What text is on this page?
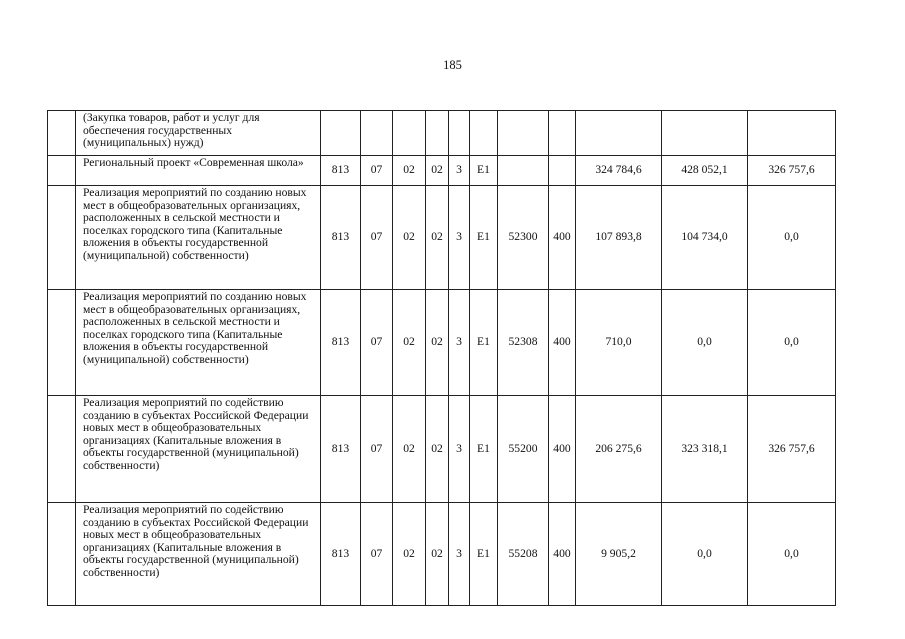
185
	(Закупка товаров, работ и услуг для обеспечения государственных (муниципальных) нужд)											
	Региональный проект «Современная школа»	813	07	02	02	3	E1			324 784,6	428 052,1	326 757,6
	Реализация мероприятий по созданию новых мест в общеобразовательных организациях, расположенных в сельской местности и поселках городского типа (Капитальные вложения в объекты государственной (муниципальной) собственности)	813	07	02	02	3	E1	52300	400	107 893,8	104 734,0	0,0
	Реализация мероприятий по созданию новых мест в общеобразовательных организациях, расположенных в сельской местности и поселках городского типа (Капитальные вложения в объекты государственной (муниципальной) собственности)	813	07	02	02	3	E1	52308	400	710,0	0,0	0,0
	Реализация мероприятий по содействию созданию в субъектах Российской Федерации новых мест в общеобразовательных организациях (Капитальные вложения в объекты государственной (муниципальной) собственности)	813	07	02	02	3	E1	55200	400	206 275,6	323 318,1	326 757,6
	Реализация мероприятий по содействию созданию в субъектах Российской Федерации новых мест в общеобразовательных организациях (Капитальные вложения в объекты государственной (муниципальной) собственности)	813	07	02	02	3	E1	55208	400	9 905,2	0,0	0,0
